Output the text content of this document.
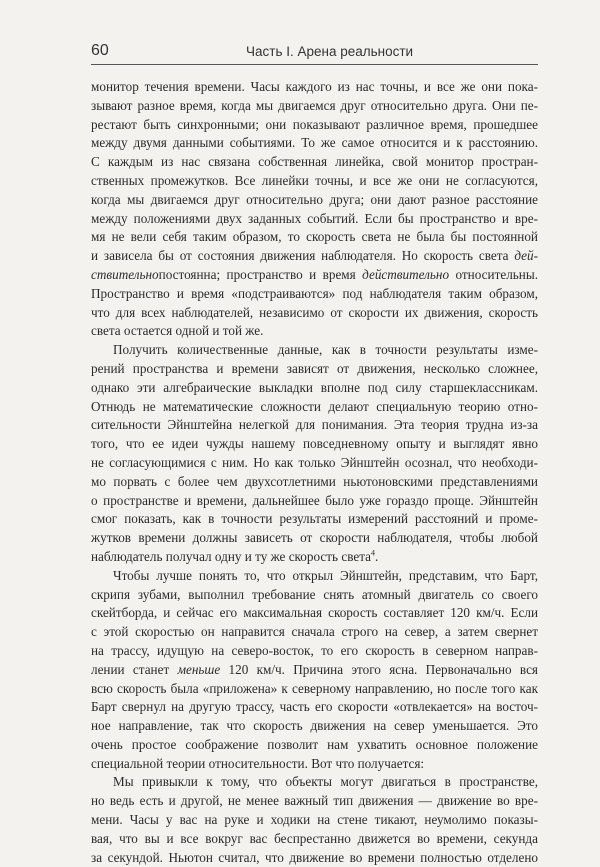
60	Часть I. Арена реальности
монитор течения времени. Часы каждого из нас точны, и все же они пока-
зывают разное время, когда мы двигаемся друг относительно друга. Они пе-
рестают быть синхронными; они показывают различное время, прошедшее
между двумя данными событиями. То же самое относится и к расстоянию.
С каждым из нас связана собственная линейка, свой монитор простран-
ственных промежутков. Все линейки точны, и все же они не согласуются,
когда мы двигаемся друг относительно друга; они дают разное расстояние
между положениями двух заданных событий. Если бы пространство и вре-
мя не вели себя таким образом, то скорость света не была бы постоянной
и зависела бы от состояния движения наблюдателя. Но скорость света дей-
ствительнопостоянна; пространство и время действительно относительны.
Пространство и время «подстраиваются» под наблюдателя таким образом,
что для всех наблюдателей, независимо от скорости их движения, скорость
света остается одной и той же.
Получить количественные данные, как в точности результаты изме-
рений пространства и времени зависят от движения, несколько сложнее,
однако эти алгебраические выкладки вполне под силу старшеклассникам.
Отнюдь не математические сложности делают специальную теорию отно-
сительности Эйнштейна нелегкой для понимания. Эта теория трудна из-за
того, что ее идеи чужды нашему повседневному опыту и выглядят явно
не согласующимися с ним. Но как только Эйнштейн осознал, что необходи-
мо порвать с более чем двухсотлетними ньютоновскими представлениями
о пространстве и времени, дальнейшее было уже гораздо проще. Эйнштейн
смог показать, как в точности результаты измерений расстояний и проме-
жутков времени должны зависеть от скорости наблюдателя, чтобы любой
наблюдатель получал одну и ту же скорость света$^4$.
Чтобы лучше понять то, что открыл Эйнштейн, представим, что Барт,
скрипя зубами, выполнил требование снять атомный двигатель со своего
скейтборда, и сейчас его максимальная скорость составляет 120 км/ч. Если
с этой скоростью он направится сначала строго на север, а затем свернет
на трассу, идущую на северо-восток, то его скорость в северном направ-
лении станет меньше 120 км/ч. Причина этого ясна. Первоначально вся
всю скорость была «приложена» к северному направлению, но после того как
Барт свернул на другую трассу, часть его скорости «отвлекается» на восточ-
ное направление, так что скорость движения на север уменьшается. Это
очень простое соображение позволит нам ухватить основное положение
специальной теории относительности. Вот что получается:
Мы привыкли к тому, что объекты могут двигаться в пространстве,
но ведь есть и другой, не менее важный тип движения — движение во вре-
мени. Часы у вас на руке и ходики на стене тикают, неумолимо показы-
вая, что вы и все вокруг вас беспрестанно движется во времени, секунда
за секундой. Ньютон считал, что движение во времени полностью отделено
